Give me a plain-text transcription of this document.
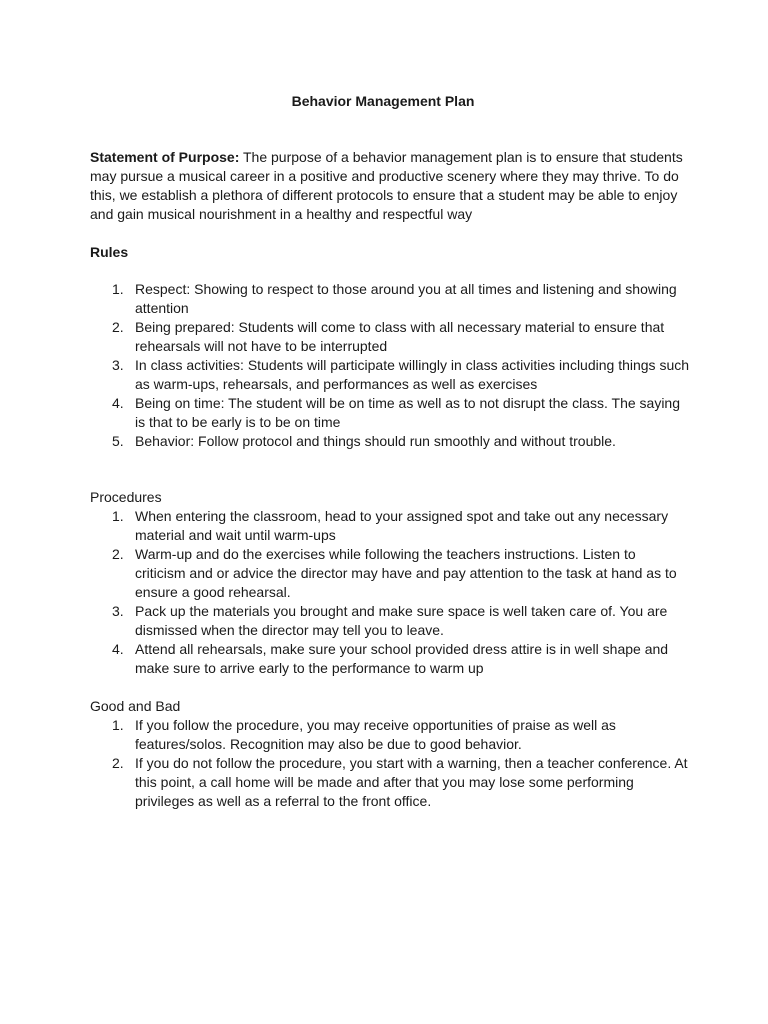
Behavior Management Plan

Statement of Purpose: The purpose of a behavior management plan is to ensure that students may pursue a musical career in a positive and productive scenery where they may thrive. To do this, we establish a plethora of different protocols to ensure that a student may be able to enjoy and gain musical nourishment in a healthy and respectful way

Rules
1. Respect: Showing to respect to those around you at all times and listening and showing attention
2. Being prepared: Students will come to class with all necessary material to ensure that rehearsals will not have to be interrupted
3. In class activities: Students will participate willingly in class activities including things such as warm-ups, rehearsals, and performances as well as exercises
4. Being on time: The student will be on time as well as to not disrupt the class. The saying is that to be early is to be on time
5. Behavior: Follow protocol and things should run smoothly and without trouble.
Procedures
1. When entering the classroom, head to your assigned spot and take out any necessary material and wait until warm-ups
2. Warm-up and do the exercises while following the teachers instructions. Listen to criticism and or advice the director may have and pay attention to the task at hand as to ensure a good rehearsal.
3. Pack up the materials you brought and make sure space is well taken care of. You are dismissed when the director may tell you to leave.
4. Attend all rehearsals, make sure your school provided dress attire is in well shape and make sure to arrive early to the performance to warm up
Good and Bad
1. If you follow the procedure, you may receive opportunities of praise as well as features/solos. Recognition may also be due to good behavior.
2. If you do not follow the procedure, you start with a warning, then a teacher conference. At this point, a call home will be made and after that you may lose some performing privileges as well as a referral to the front office.
